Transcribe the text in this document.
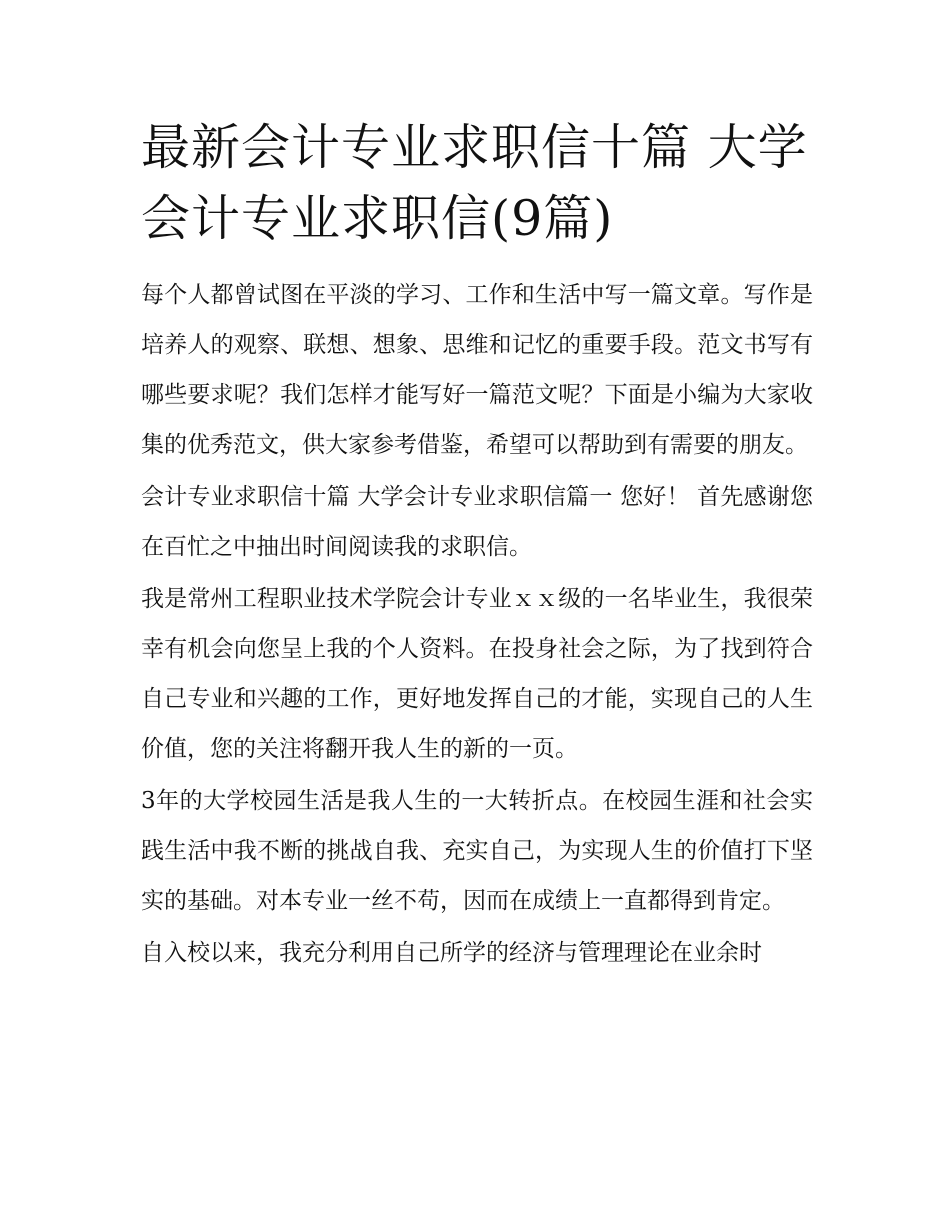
最新会计专业求职信十篇 大学会计专业求职信(9篇)

每个人都曾试图在平淡的学习、工作和生活中写一篇文章。写作是培养人的观察、联想、想象、思维和记忆的重要手段。范文书写有哪些要求呢？我们怎样才能写好一篇范文呢？下面是小编为大家收集的优秀范文，供大家参考借鉴，希望可以帮助到有需要的朋友。

会计专业求职信十篇 大学会计专业求职信篇一 您好！ 首先感谢您在百忙之中抽出时间阅读我的求职信。

我是常州工程职业技术学院会计专业ｘｘ级的一名毕业生，我很荣幸有机会向您呈上我的个人资料。在投身社会之际，为了找到符合自己专业和兴趣的工作，更好地发挥自己的才能，实现自己的人生价值，您的关注将翻开我人生的新的一页。

3年的大学校园生活是我人生的一大转折点。在校园生涯和社会实践生活中我不断的挑战自我、充实自己，为实现人生的价值打下坚实的基础。对本专业一丝不苟，因而在成绩上一直都得到肯定。

自入校以来，我充分利用自己所学的经济与管理理论在业余时
